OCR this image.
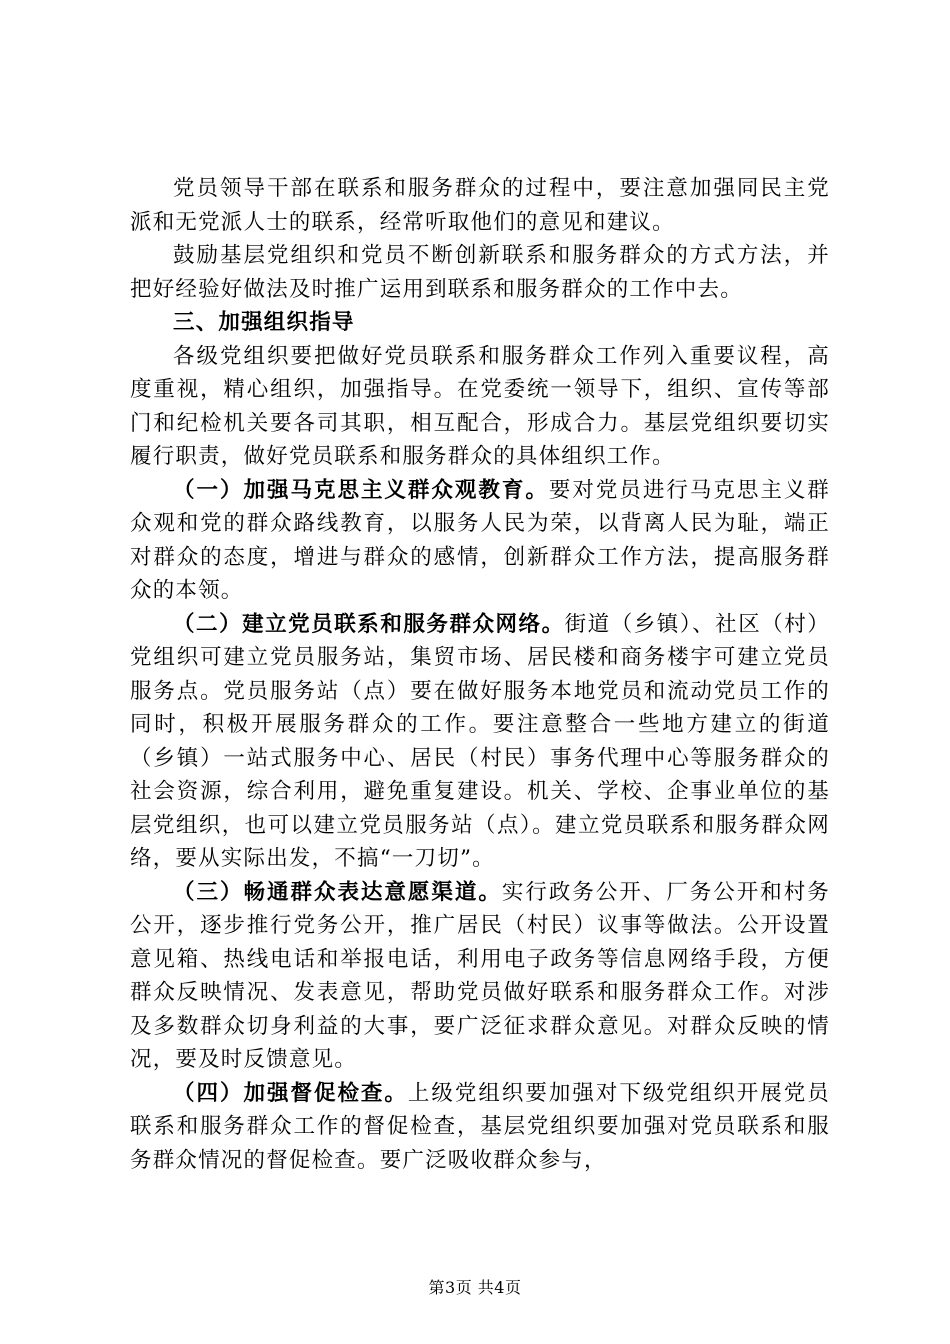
党员领导干部在联系和服务群众的过程中，要注意加强同民主党派和无党派人士的联系，经常听取他们的意见和建议。

鼓励基层党组织和党员不断创新联系和服务群众的方式方法，并把好经验好做法及时推广运用到联系和服务群众的工作中去。

三、加强组织指导

各级党组织要把做好党员联系和服务群众工作列入重要议程，高度重视，精心组织，加强指导。在党委统一领导下，组织、宣传等部门和纪检机关要各司其职，相互配合，形成合力。基层党组织要切实履行职责，做好党员联系和服务群众的具体组织工作。

（一）加强马克思主义群众观教育。要对党员进行马克思主义群众观和党的群众路线教育，以服务人民为荣，以背离人民为耻，端正对群众的态度，增进与群众的感情，创新群众工作方法，提高服务群众的本领。

（二）建立党员联系和服务群众网络。街道（乡镇）、社区（村）党组织可建立党员服务站，集贸市场、居民楼和商务楼宇可建立党员服务点。党员服务站（点）要在做好服务本地党员和流动党员工作的同时，积极开展服务群众的工作。要注意整合一些地方建立的街道（乡镇）一站式服务中心、居民（村民）事务代理中心等服务群众的社会资源，综合利用，避免重复建设。机关、学校、企事业单位的基层党组织，也可以建立党员服务站（点）。建立党员联系和服务群众网络，要从实际出发，不搞“一刀切”。

（三）畅通群众表达意愿渠道。实行政务公开、厂务公开和村务公开，逐步推行党务公开，推广居民（村民）议事等做法。公开设置意见箱、热线电话和举报电话，利用电子政务等信息网络手段，方便群众反映情况、发表意见，帮助党员做好联系和服务群众工作。对涉及多数群众切身利益的大事，要广泛征求群众意见。对群众反映的情况，要及时反馈意见。

（四）加强督促检查。上级党组织要加强对下级党组织开展党员联系和服务群众工作的督促检查，基层党组织要加强对党员联系和服务群众情况的督促检查。要广泛吸收群众参与，

第3页 共4页
